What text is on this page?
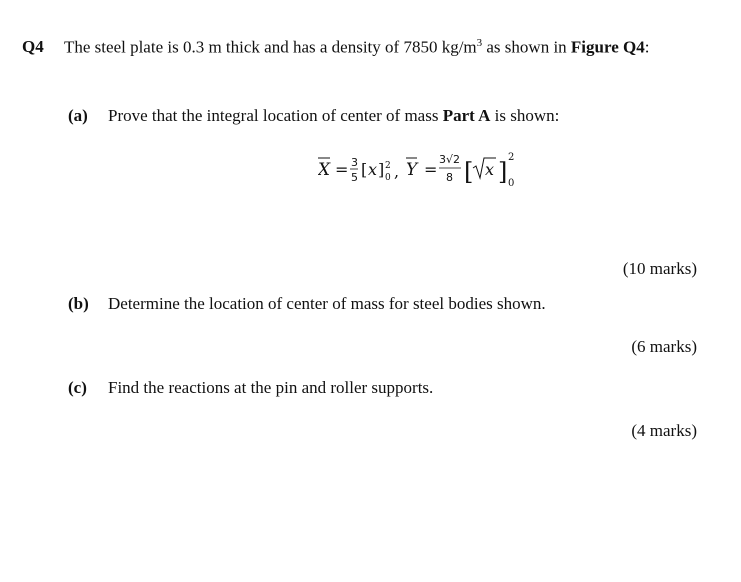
Q4 The steel plate is 0.3 m thick and has a density of 7850 $kg/m^3$ as shown in Figure Q4:
(a) Prove that the integral location of center of mass Part A is shown:
X = 3
5 [ x ] 2
0 , Y =
3√2
8 [ x ]
2
0
(10 marks)
(b) Determine the location of center of mass for steel bodies shown.
(6 marks)
(c) Find the reactions at the pin and roller supports.
(4 marks)
